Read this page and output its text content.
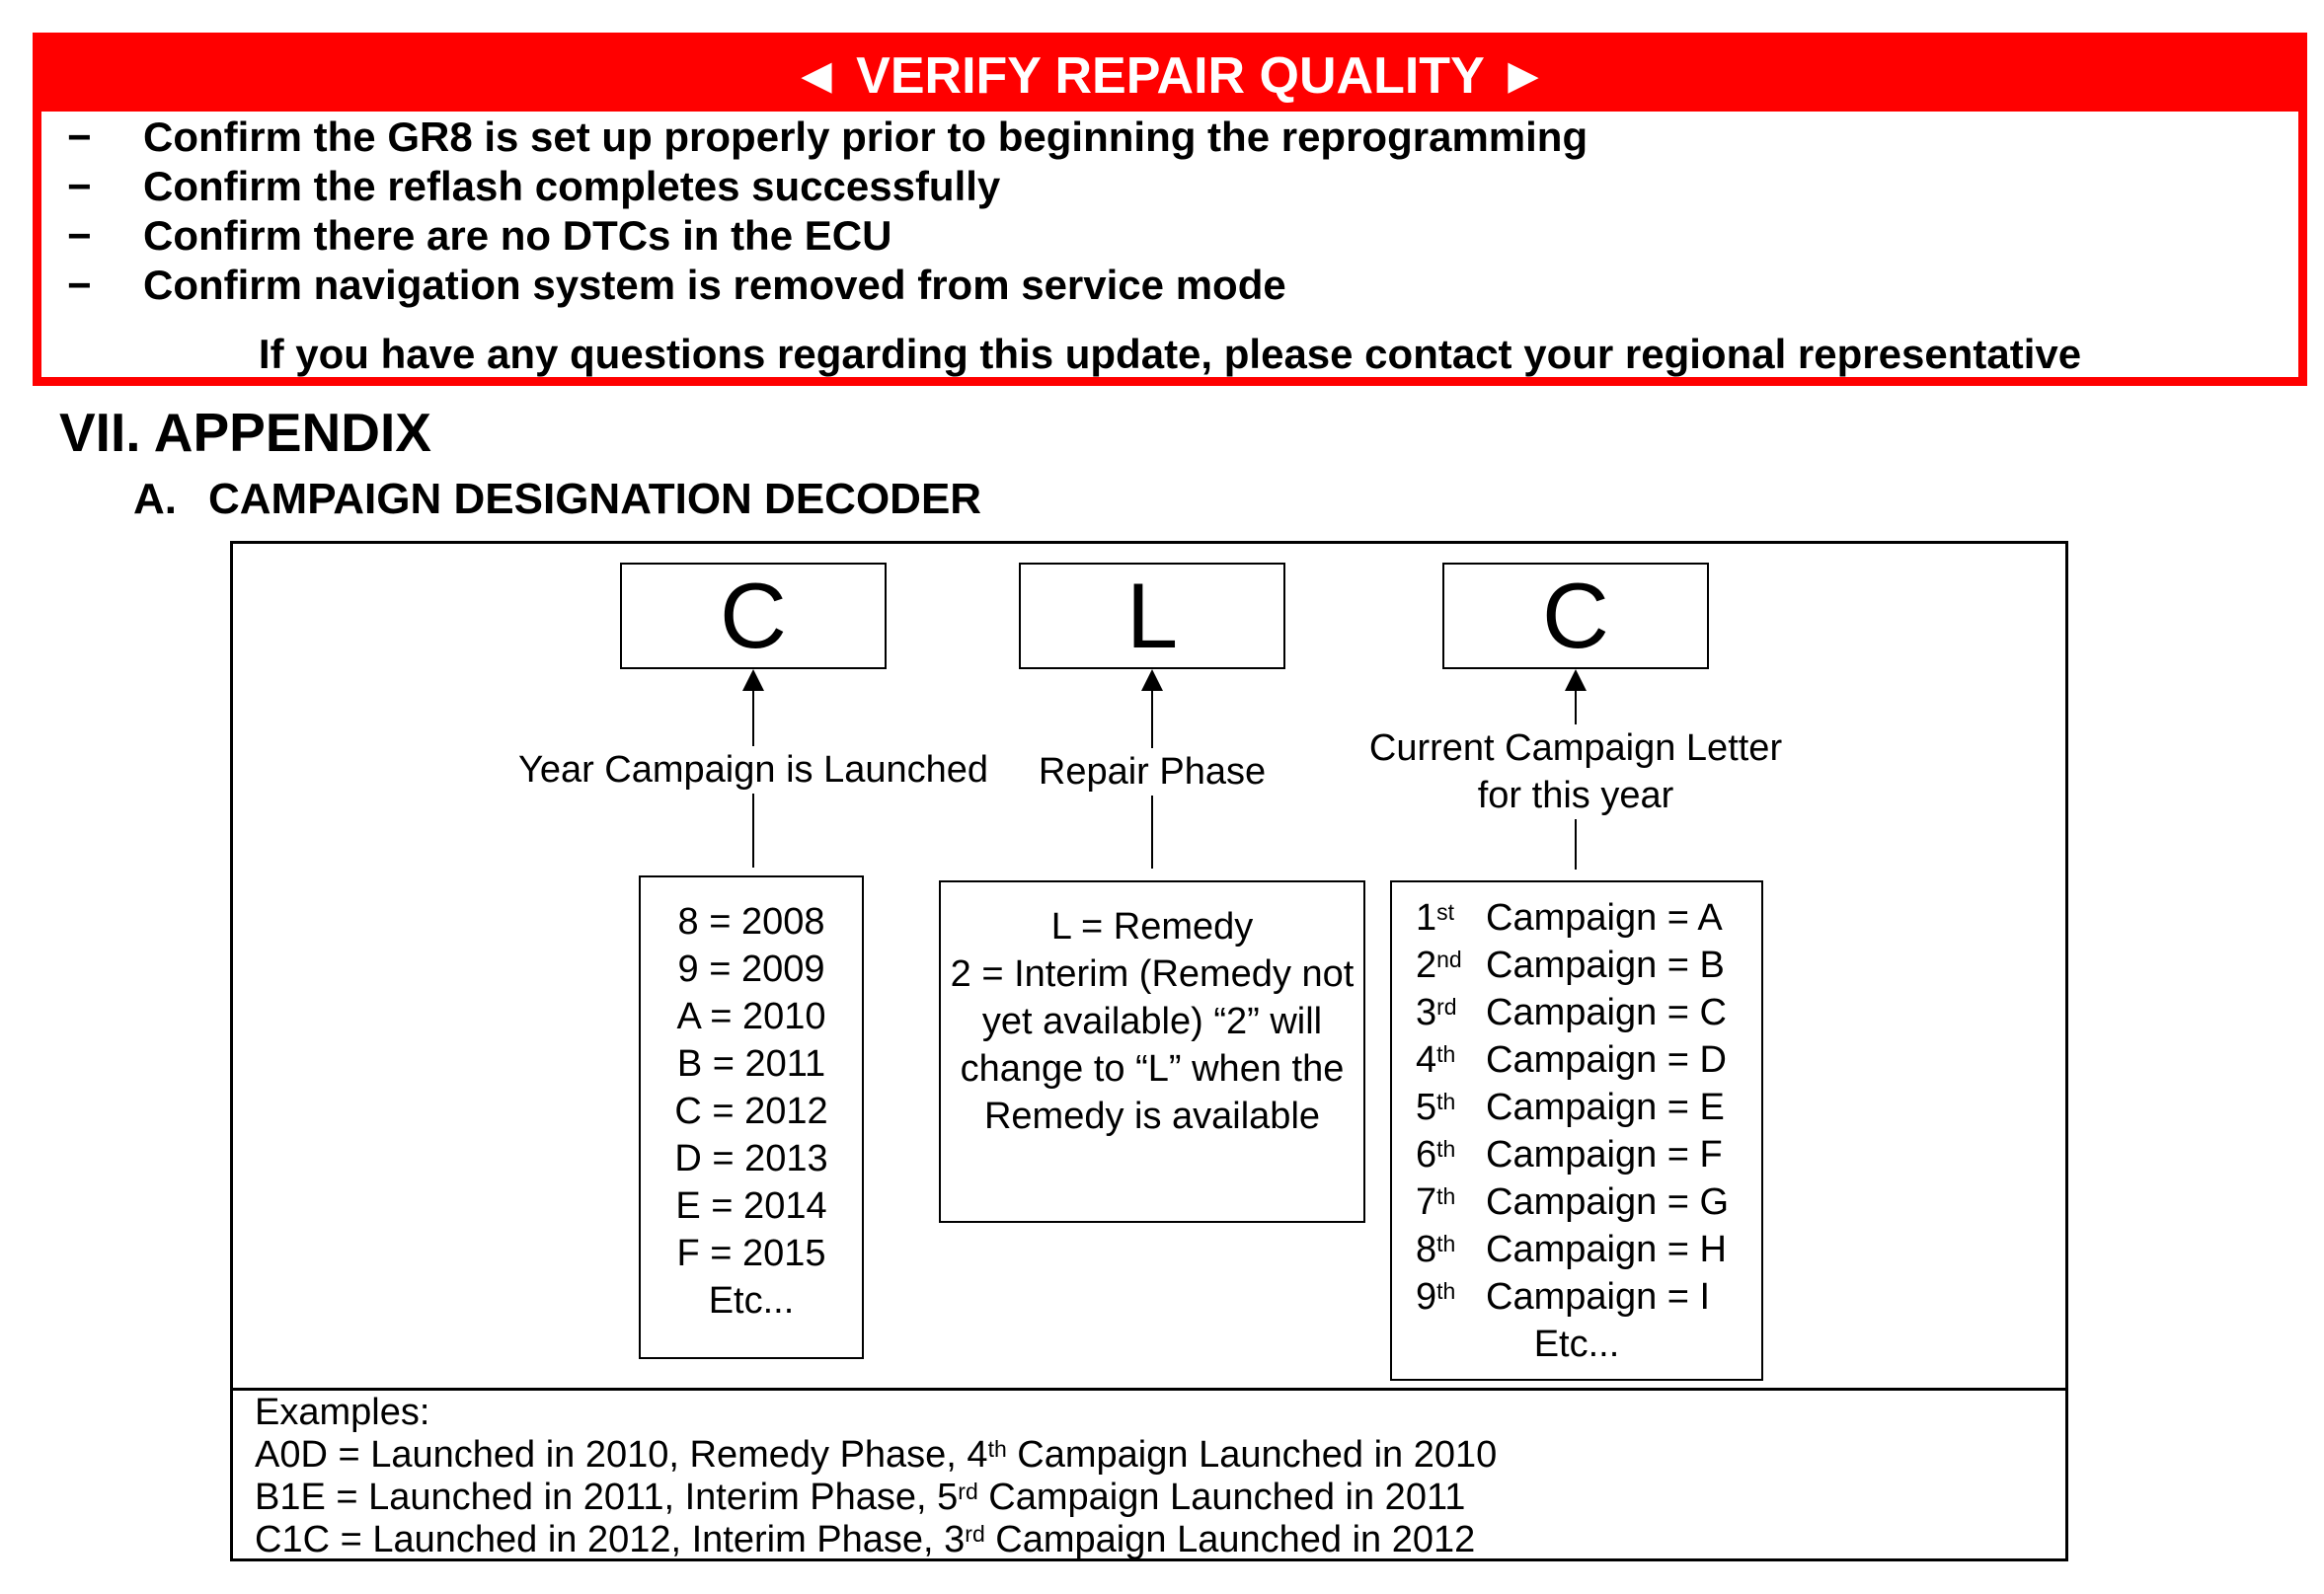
◄ VERIFY REPAIR QUALITY ►
− Confirm the GR8 is set up properly prior to beginning the reprogramming
− Confirm the reflash completes successfully
− Confirm there are no DTCs in the ECU
− Confirm navigation system is removed from service mode
If you have any questions regarding this update, please contact your regional representative
VII. APPENDIX
A. CAMPAIGN DESIGNATION DECODER
C	L	C
Year Campaign is Launched	Repair Phase
Current Campaign Letter
for this year
8 = 2008
9 = 2009
A = 2010
B = 2011
C = 2012
D = 2013
E = 2014
F = 2015
Etc...
L = Remedy
2 = Interim (Remedy not yet available) “2” will change to “L” when the Remedy is available
1st Campaign = A
2nd Campaign = B
3rd Campaign = C
4th Campaign = D
5th Campaign = E
6th Campaign = F
7th Campaign = G
8th Campaign = H
9th Campaign = I
Etc...
Examples:
A0D = Launched in 2010, Remedy Phase, 4th Campaign Launched in 2010
B1E = Launched in 2011, Interim Phase, 5rd Campaign Launched in 2011
C1C = Launched in 2012, Interim Phase, 3rd Campaign Launched in 2012
